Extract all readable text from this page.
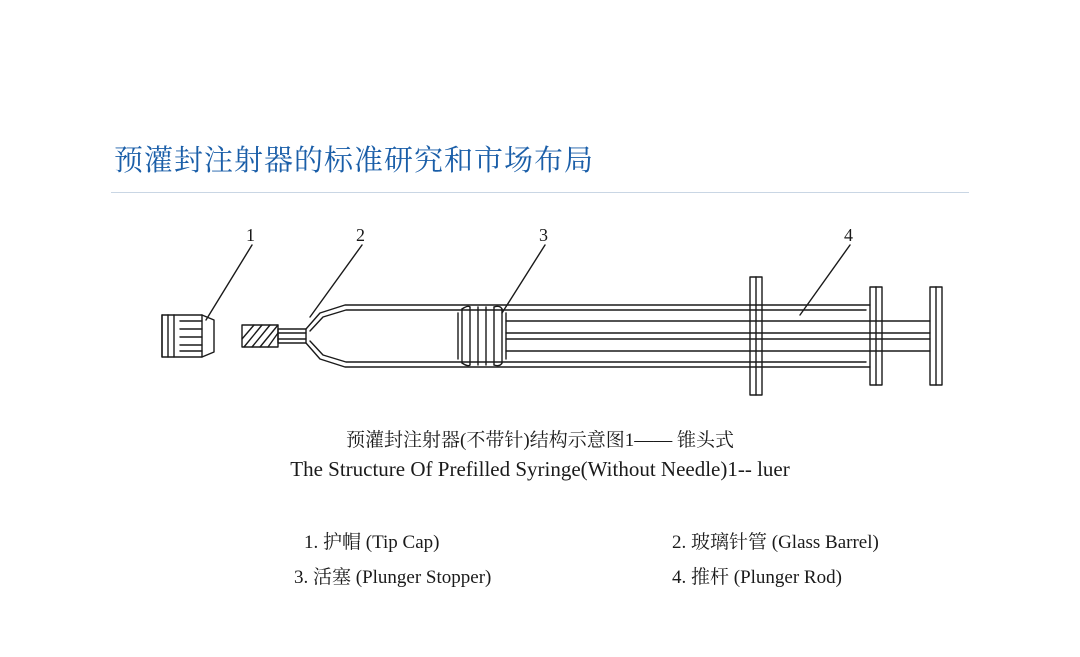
预灌封注射器的标准研究和市场布局
1	2	3	4
预灌封注射器(不带针)结构示意图1—— 锥头式
The Structure Of Prefilled Syringe(Without Needle)1-- luer
1. 护帽 (Tip Cap)	2. 玻璃针管 (Glass Barrel)
3. 活塞 (Plunger Stopper)	4. 推杆 (Plunger Rod)
